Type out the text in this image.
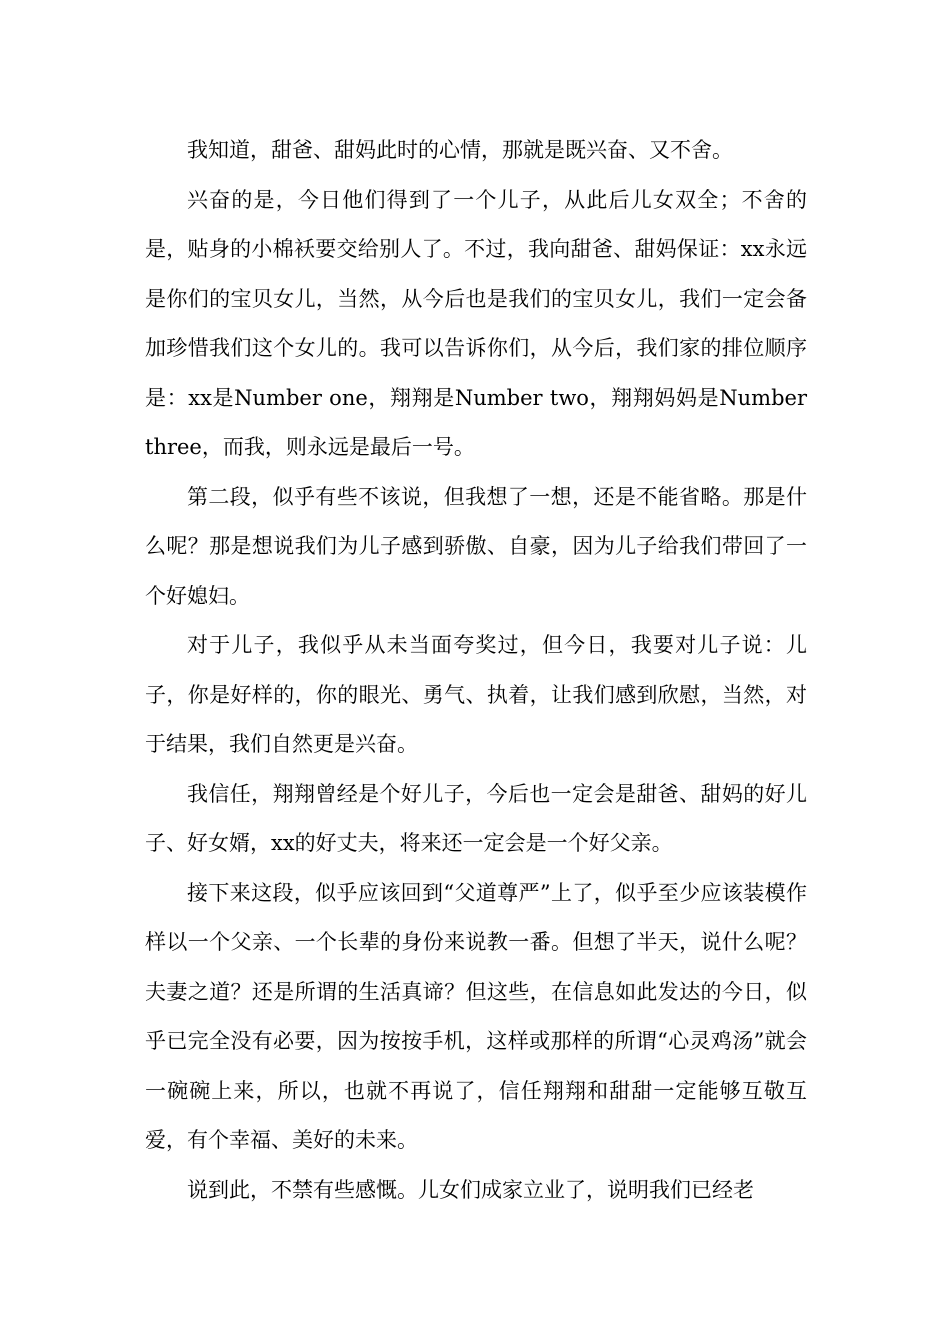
我知道，甜爸、甜妈此时的心情，那就是既兴奋、又不舍。

兴奋的是，今日他们得到了一个儿子，从此后儿女双全；不舍的是，贴身的小棉袄要交给别人了。不过，我向甜爸、甜妈保证：xx永远是你们的宝贝女儿，当然，从今后也是我们的宝贝女儿，我们一定会备加珍惜我们这个女儿的。我可以告诉你们，从今后，我们家的排位顺序是：xx是Number one，翔翔是Number two，翔翔妈妈是Number three，而我，则永远是最后一号。

第二段，似乎有些不该说，但我想了一想，还是不能省略。那是什么呢？那是想说我们为儿子感到骄傲、自豪，因为儿子给我们带回了一个好媳妇。

对于儿子，我似乎从未当面夸奖过，但今日，我要对儿子说：儿子，你是好样的，你的眼光、勇气、执着，让我们感到欣慰，当然，对于结果，我们自然更是兴奋。

我信任，翔翔曾经是个好儿子，今后也一定会是甜爸、甜妈的好儿子、好女婿，xx的好丈夫，将来还一定会是一个好父亲。

接下来这段，似乎应该回到“父道尊严”上了，似乎至少应该装模作样以一个父亲、一个长辈的身份来说教一番。但想了半天，说什么呢？夫妻之道？还是所谓的生活真谛？但这些，在信息如此发达的今日，似乎已完全没有必要，因为按按手机，这样或那样的所谓“心灵鸡汤”就会一碗碗上来，所以，也就不再说了，信任翔翔和甜甜一定能够互敬互爱，有个幸福、美好的未来。

说到此，不禁有些感慨。儿女们成家立业了，说明我们已经老
